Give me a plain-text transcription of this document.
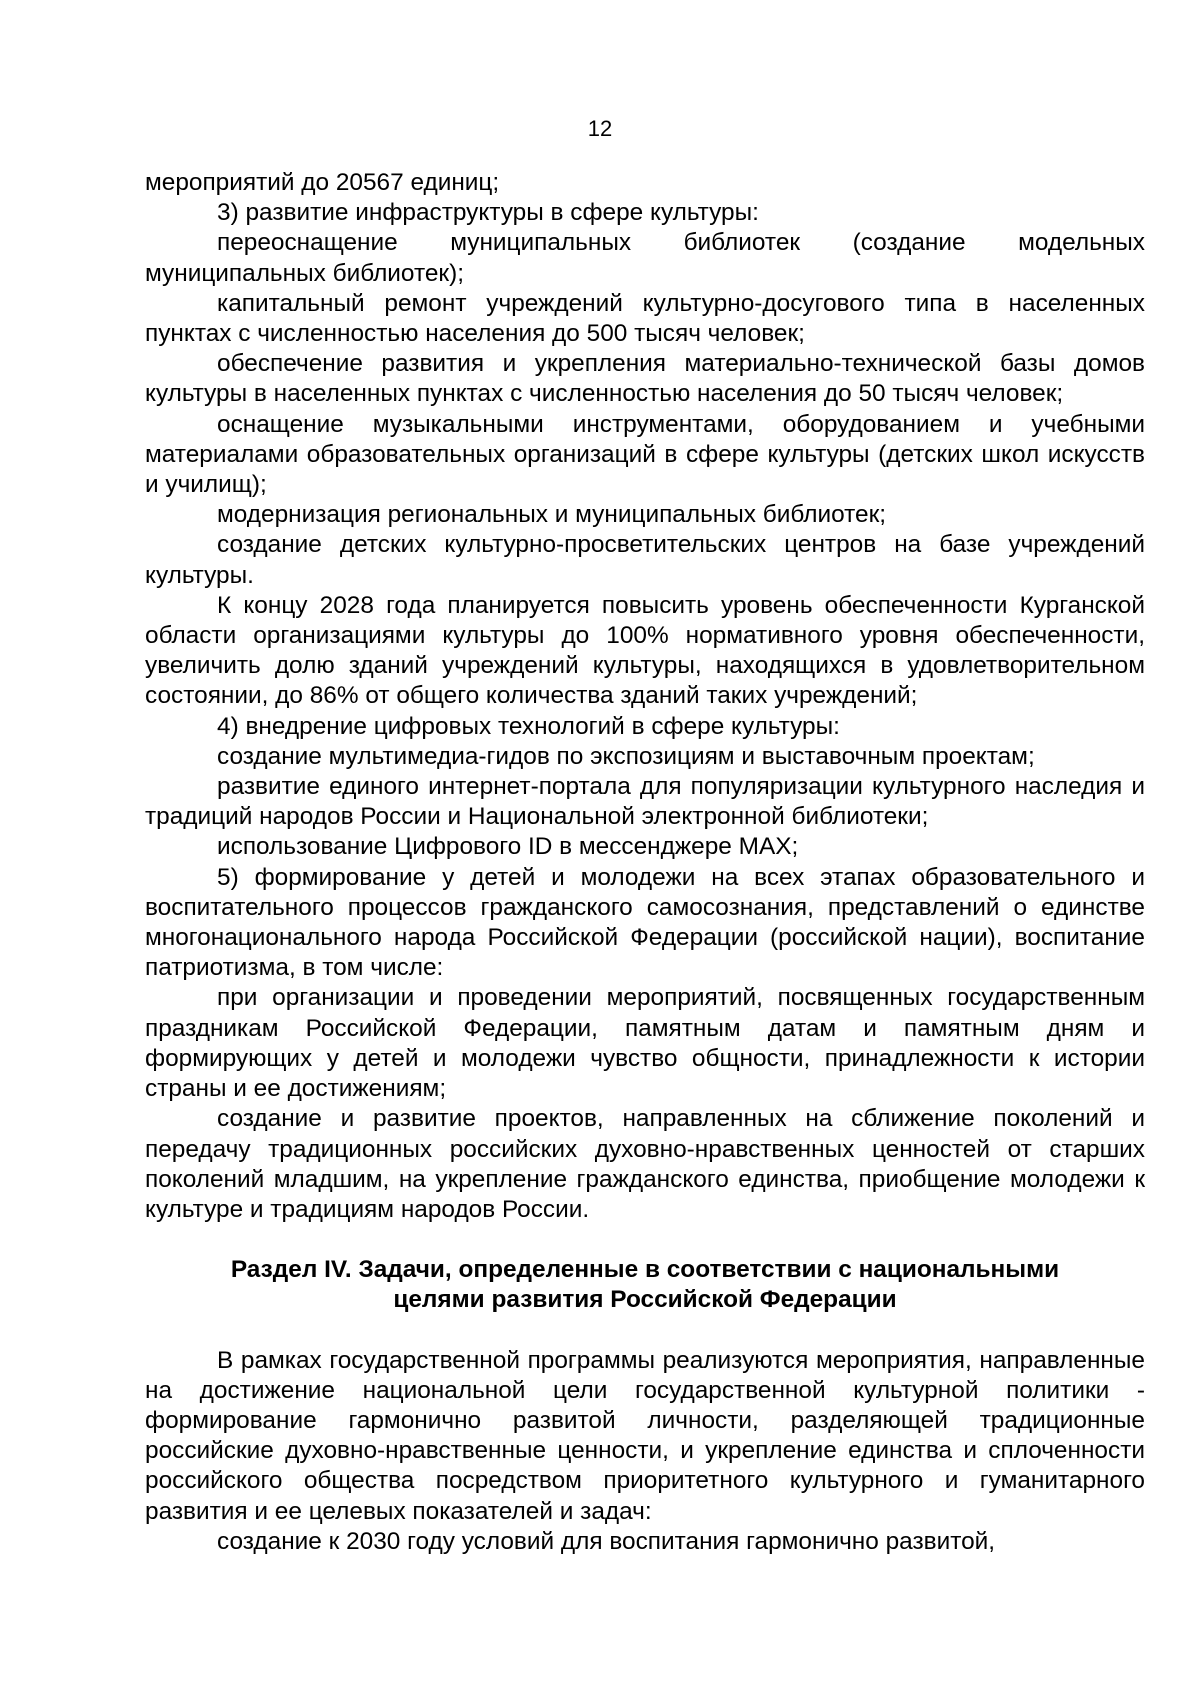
12

мероприятий до 20567 единиц;

3) развитие инфраструктуры в сфере культуры:

переоснащение муниципальных библиотек (создание модельных муниципальных библиотек);

капитальный ремонт учреждений культурно-досугового типа в населенных пунктах с численностью населения до 500 тысяч человек;

обеспечение развития и укрепления материально-технической базы домов культуры в населенных пунктах с численностью населения до 50 тысяч человек;

оснащение музыкальными инструментами, оборудованием и учебными материалами образовательных организаций в сфере культуры (детских школ искусств и училищ);

модернизация региональных и муниципальных библиотек;

создание детских культурно-просветительских центров на базе учреждений культуры.

К концу 2028 года планируется повысить уровень обеспеченности Курганской области организациями культуры до 100% нормативного уровня обеспеченности, увеличить долю зданий учреждений культуры, находящихся в удовлетворительном состоянии, до 86% от общего количества зданий таких учреждений;

4) внедрение цифровых технологий в сфере культуры:

создание мультимедиа-гидов по экспозициям и выставочным проектам;

развитие единого интернет-портала для популяризации культурного наследия и традиций народов России и Национальной электронной библиотеки;

использование Цифрового ID в мессенджере MAX;

5) формирование у детей и молодежи на всех этапах образовательного и воспитательного процессов гражданского самосознания, представлений о единстве многонационального народа Российской Федерации (российской нации), воспитание патриотизма, в том числе:

при организации и проведении мероприятий, посвященных государственным праздникам Российской Федерации, памятным датам и памятным дням и формирующих у детей и молодежи чувство общности, принадлежности к истории страны и ее достижениям;

создание и развитие проектов, направленных на сближение поколений и передачу традиционных российских духовно-нравственных ценностей от старших поколений младшим, на укрепление гражданского единства, приобщение молодежи к культуре и традициям народов России.

Раздел IV. Задачи, определенные в соответствии с национальными
целями развития Российской Федерации

В рамках государственной программы реализуются мероприятия, направленные на достижение национальной цели государственной культурной политики - формирование гармонично развитой личности, разделяющей традиционные российские духовно-нравственные ценности, и укрепление единства и сплоченности российского общества посредством приоритетного культурного и гуманитарного развития и ее целевых показателей и задач:

создание к 2030 году условий для воспитания гармонично развитой,
